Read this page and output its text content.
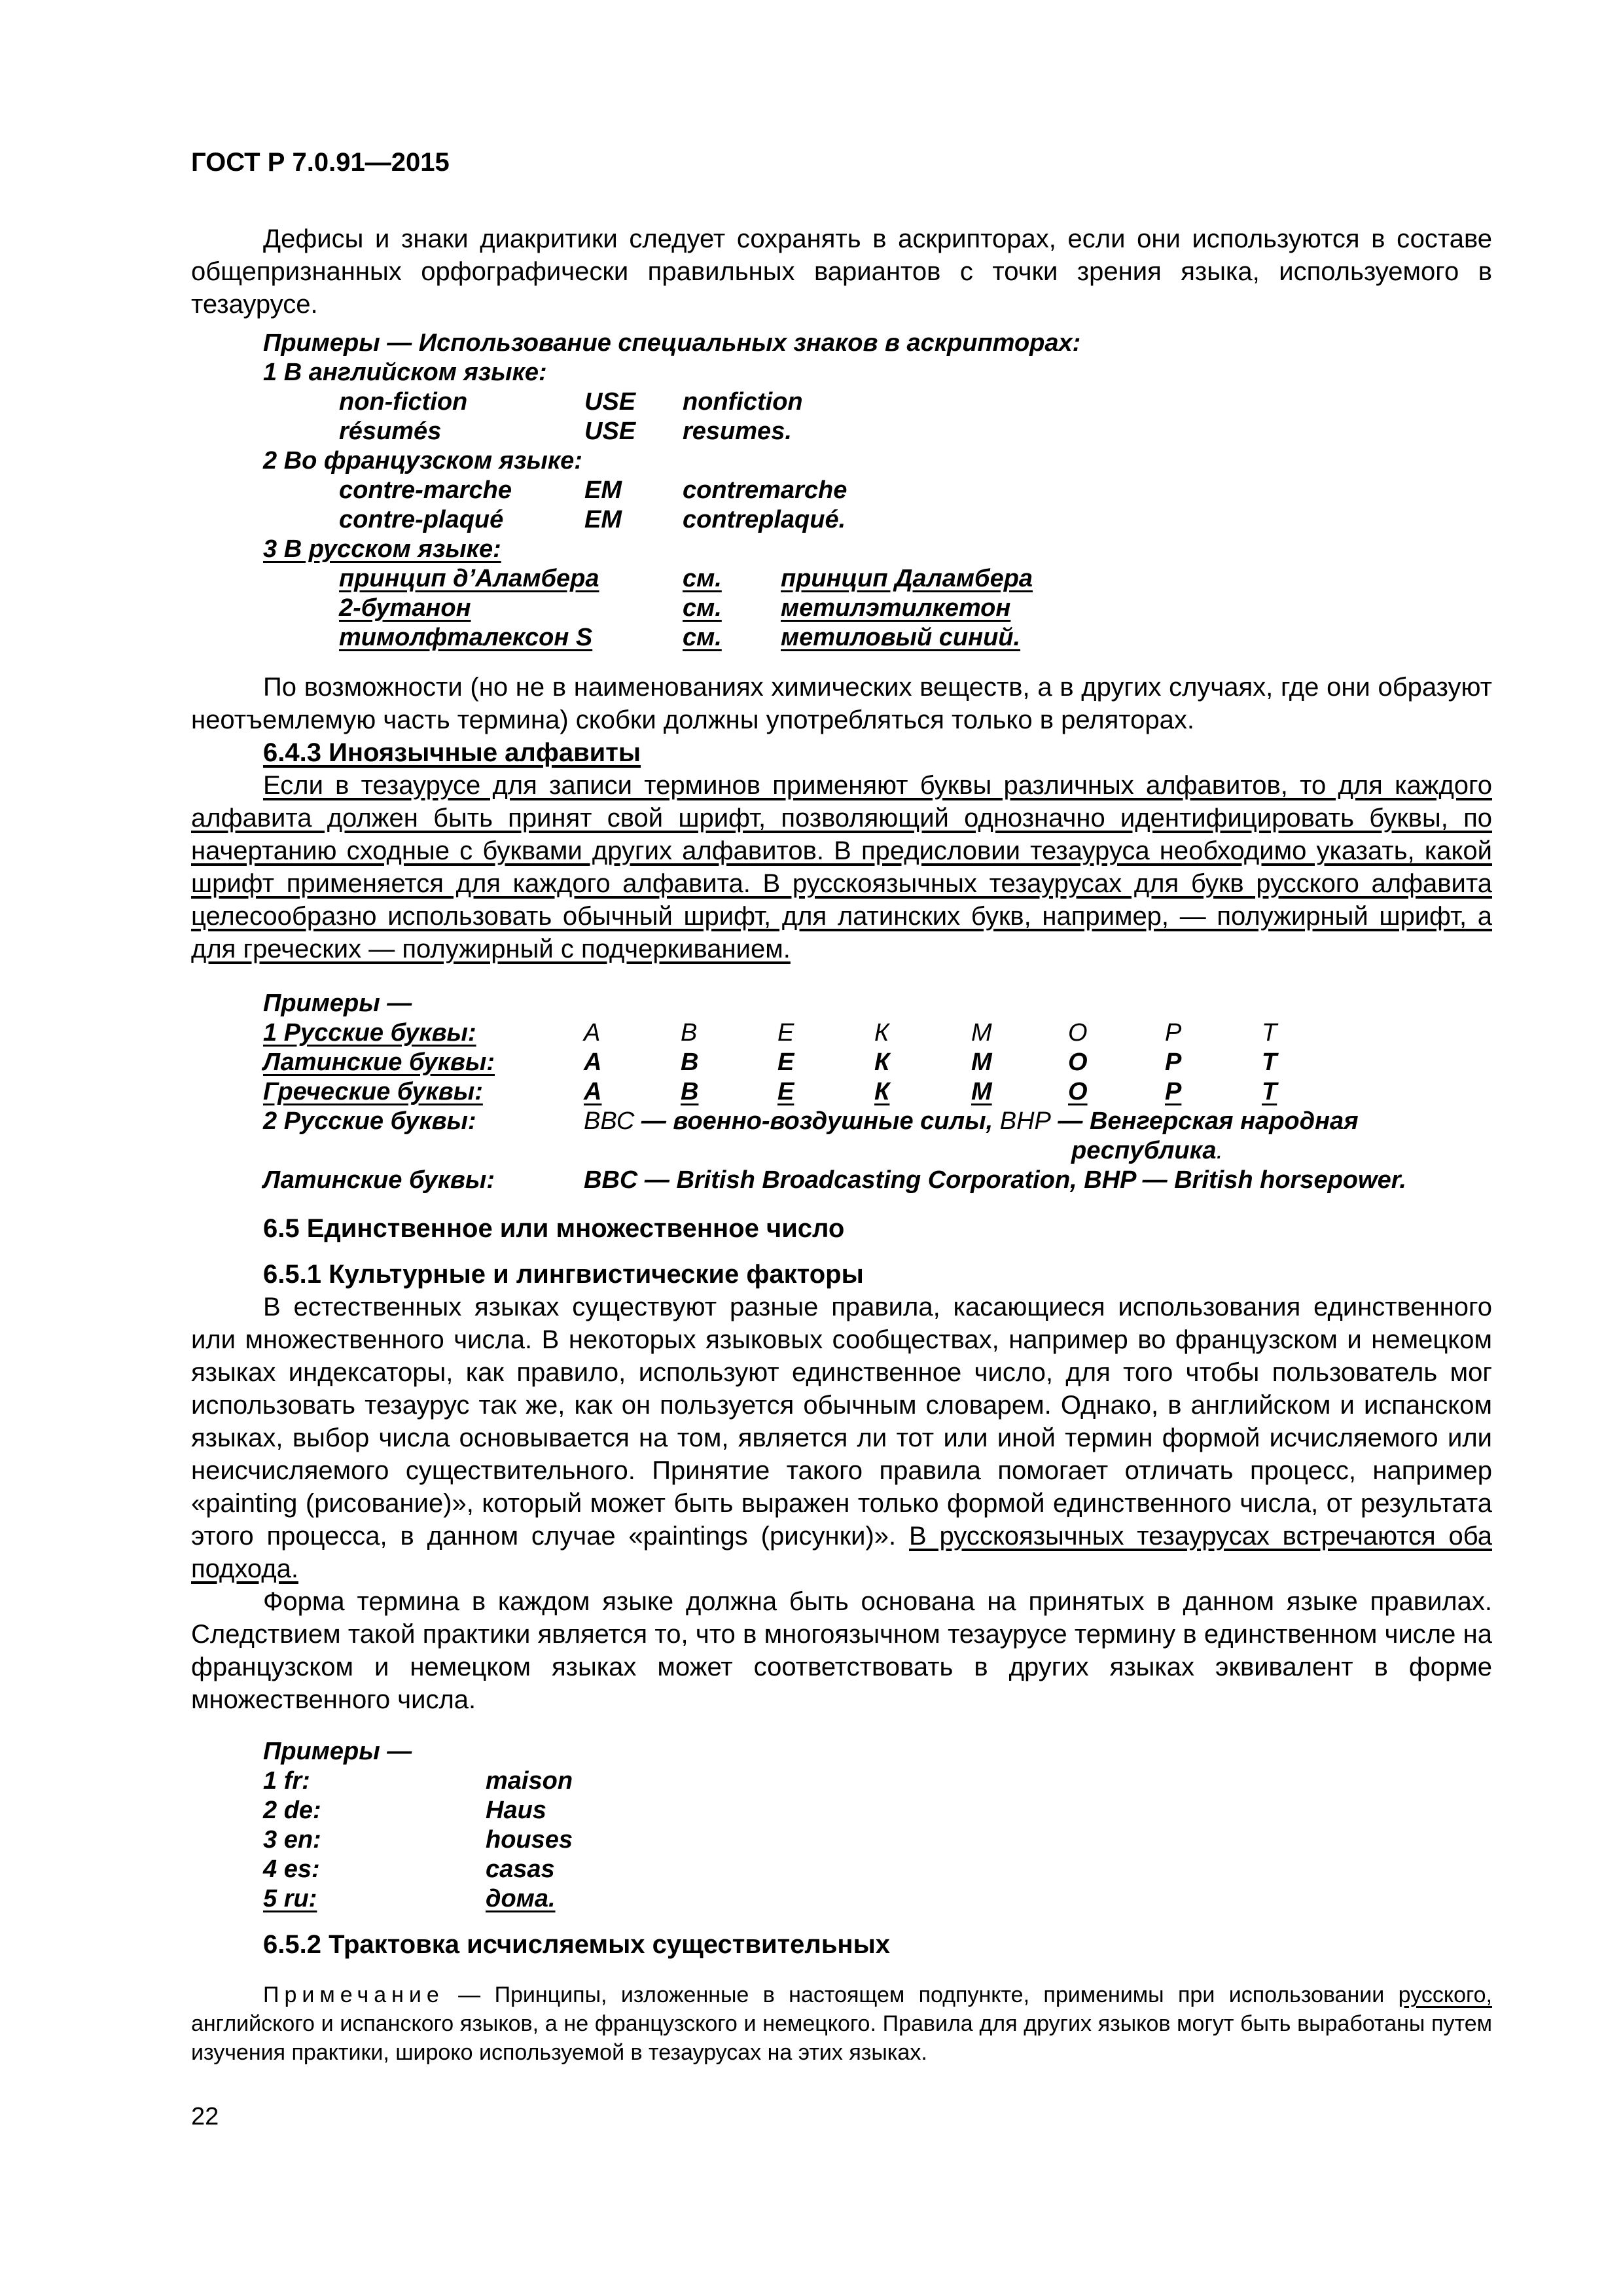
ГОСТ Р 7.0.91—2015

Дефисы и знаки диакритики следует сохранять в аскрипторах, если они используются в составе общепризнанных орфографически правильных вариантов с точки зрения языка, используемого в тезаурусе.

Примеры — Использование специальных знаков в аскрипторах:
1 В английском языке:
non-fiction	USE	nonfiction
résumés	USE	resumes.
2 Во французском языке:
contre-marche	EM	contremarche
contre-plaqué	EM	contreplaqué.
3 В русском языке:
принцип д’Аламбера	см.	принцип Даламбера
2-бутанон	см.	метилэтилкетон
тимолфталексон S	см.	метиловый синий.

По возможности (но не в наименованиях химических веществ, а в других случаях, где они образуют неотъемлемую часть термина) скобки должны употребляться только в реляторах.

6.4.3 Иноязычные алфавиты

Если в тезаурусе для записи терминов применяют буквы различных алфавитов, то для каждого алфавита должен быть принят свой шрифт, позволяющий однозначно идентифицировать буквы, по начертанию сходные с буквами других алфавитов. В предисловии тезауруса необходимо указать, какой шрифт применяется для каждого алфавита. В русскоязычных тезаурусах для букв русского алфавита целесообразно использовать обычный шрифт, для латинских букв, например, — полужирный шрифт, а для греческих — полужирный с подчеркиванием.

Примеры —
1 Русские буквы:	А	В	Е	К	М	О	Р	Т
Латинские буквы:	А	В	Е	К	М	О	Р	Т
Греческие буквы:	А	В	Е	К	М	О	Р	Т
2 Русские буквы:	ВВС — военно-воздушные силы, ВНР — Венгерская народная
республика.
Латинские буквы:	BBC — British Broadcasting Corporation, BHP — British horsepower.
6.5 Единственное или множественное число
6.5.1 Культурные и лингвистические факторы

В естественных языках существуют разные правила, касающиеся использования единственного или множественного числа. В некоторых языковых сообществах, например во французском и немецком языках индексаторы, как правило, используют единственное число, для того чтобы пользователь мог использовать тезаурус так же, как он пользуется обычным словарем. Однако, в английском и испанском языках, выбор числа основывается на том, является ли тот или иной термин формой исчисляемого или неисчисляемого существительного. Принятие такого правила помогает отличать процесс, например «painting (рисование)», который может быть выражен только формой единственного числа, от результата этого процесса, в данном случае «paintings (рисунки)». В русскоязычных тезаурусах встречаются оба подхода.

Форма термина в каждом языке должна быть основана на принятых в данном языке правилах. Следствием такой практики является то, что в многоязычном тезаурусе термину в единственном числе на французском и немецком языках может соответствовать в других языках эквивалент в форме множественного числа.

Примеры —
1 fr:	maison
2 de:	Haus
3 en:	houses
4 es:	casas
5 ru:	дома.
6.5.2 Трактовка исчисляемых существительных

Примечание — Принципы, изложенные в настоящем подпункте, применимы при использовании русского, английского и испанского языков, а не французского и немецкого. Правила для других языков могут быть выработаны путем изучения практики, широко используемой в тезаурусах на этих языках.

22
